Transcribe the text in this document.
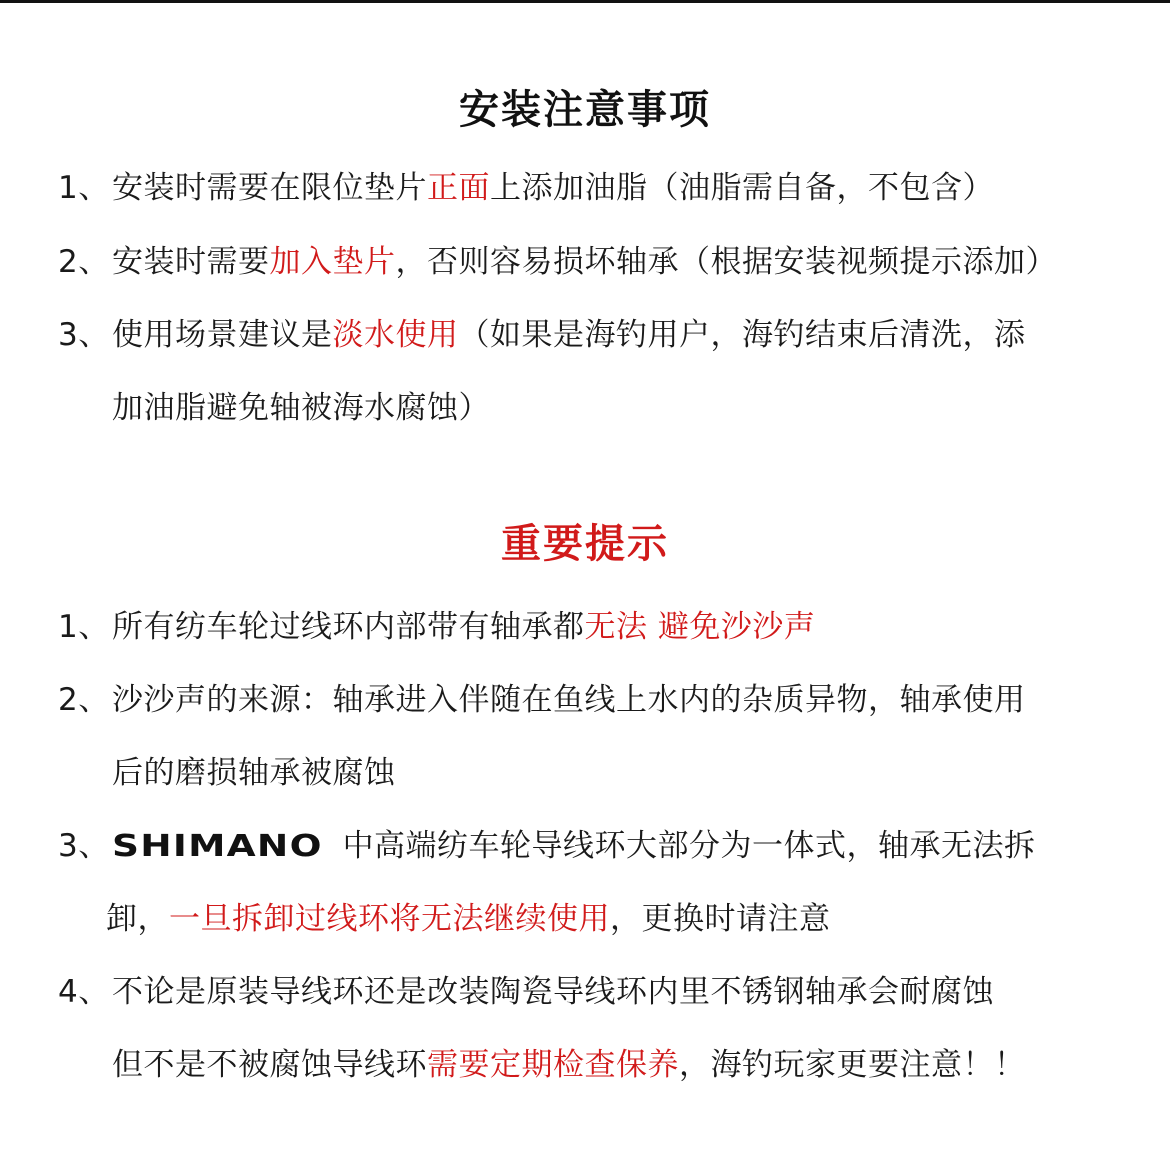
安装注意事项
1、 安装时需要在限位垫片正面上添加油脂（油脂需自备，不包含）
2、 安装时需要加入垫片，否则容易损坏轴承（根据安装视频提示添加）
3、 使用场景建议是淡水使用（如果是海钓用户，海钓结束后清洗，添
加油脂避免轴被海水腐蚀）
重要提示
1、 所有纺车轮过线环内部带有轴承都无法 避免沙沙声
2、 沙沙声的来源：轴承进入伴随在鱼线上水内的杂质异物，轴承使用
后的磨损轴承被腐蚀
3、 SHIMANO 中高端纺车轮导线环大部分为一体式，轴承无法拆
卸，一旦拆卸过线环将无法继续使用，更换时请注意
4、 不论是原装导线环还是改装陶瓷导线环内里不锈钢轴承会耐腐蚀
但不是不被腐蚀导线环需要定期检查保养，海钓玩家更要注意！！
